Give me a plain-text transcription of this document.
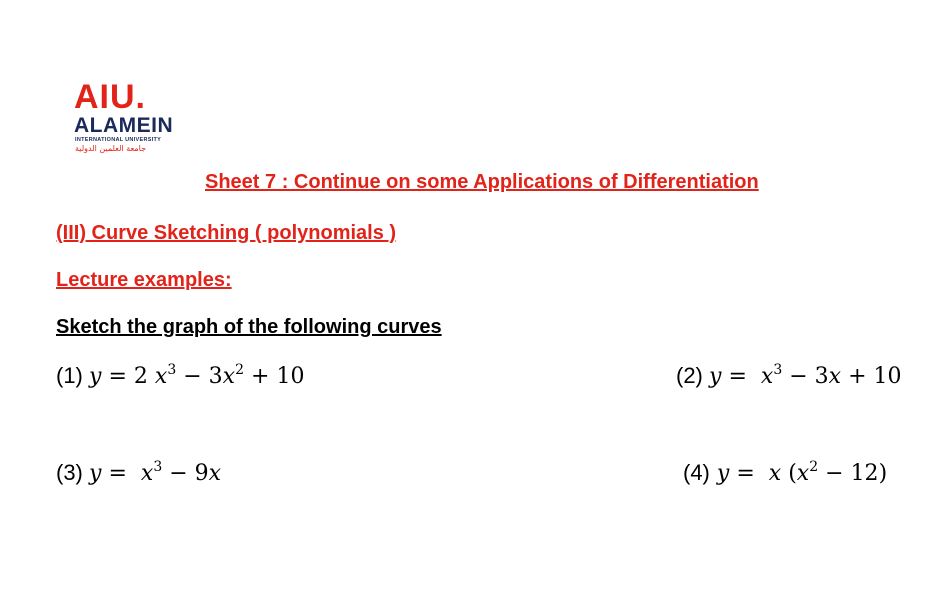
AIU.
ALAMEIN
INTERNATIONAL UNIVERSITY
جامعة العلمين الدولية
Sheet 7 : Continue on some Applications of Differentiation
(III) Curve Sketching ( polynomials )
Lecture examples:
Sketch the graph of the following curves
(1) y = 2 $x^3 - 3x^2 + 10$	(2) $y = x^3 - 3x + 10$
(3) $y = x^3 - 9x$	(4) y = x $(x^2 - 12)$
